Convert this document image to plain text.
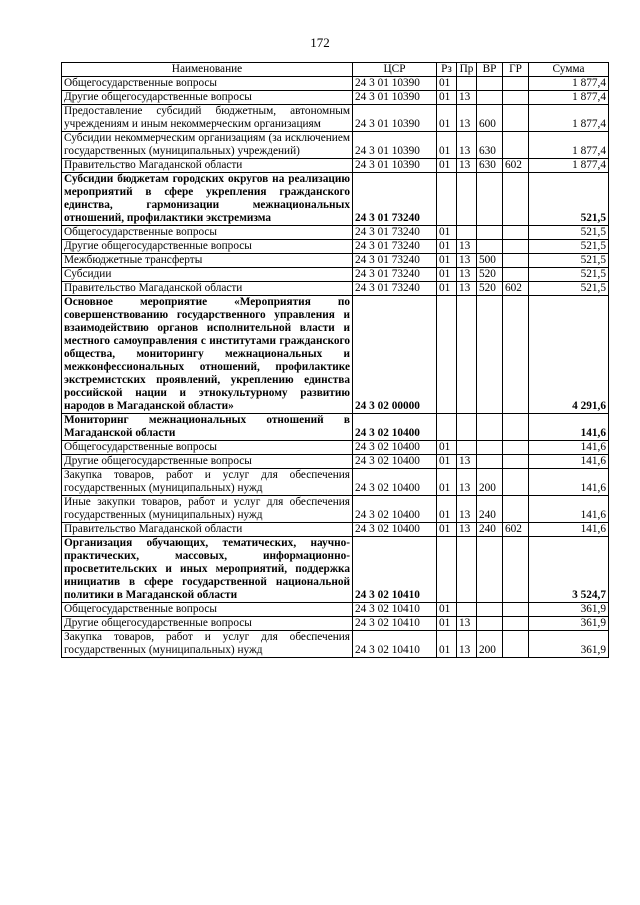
172
Наименование	ЦСР	Рз	Пр	ВР	ГР	Сумма
Общегосударственные вопросы	24 3 01 10390	01				1 877,4
Другие общегосударственные вопросы	24 3 01 10390	01	13			1 877,4
Предоставление субсидий бюджетным, автономным учреждениям и иным некоммерческим организациям	24 3 01 10390	01	13	600		1 877,4
Субсидии некоммерческим организациям (за исключением государственных (муниципальных) учреждений)	24 3 01 10390	01	13	630		1 877,4
Правительство Магаданской области	24 3 01 10390	01	13	630	602	1 877,4
Субсидии бюджетам городских округов на реализацию мероприятий в сфере укрепления гражданского единства, гармонизации межнациональных отношений, профилактики экстремизма	24 3 01 73240					521,5
Общегосударственные вопросы	24 3 01 73240	01				521,5
Другие общегосударственные вопросы	24 3 01 73240	01	13			521,5
Межбюджетные трансферты	24 3 01 73240	01	13	500		521,5
Субсидии	24 3 01 73240	01	13	520		521,5
Правительство Магаданской области	24 3 01 73240	01	13	520	602	521,5
Основное мероприятие «Мероприятия по совершенствованию государственного управления и взаимодействию органов исполнительной власти и местного самоуправления с институтами гражданского общества, мониторингу межнациональных и межконфессиональных отношений, профилактике экстремистских проявлений, укреплению единства российской нации и этнокультурному развитию народов в Магаданской области»	24 3 02 00000					4 291,6
Мониторинг межнациональных отношений в Магаданской области	24 3 02 10400					141,6
Общегосударственные вопросы	24 3 02 10400	01				141,6
Другие общегосударственные вопросы	24 3 02 10400	01	13			141,6
Закупка товаров, работ и услуг для обеспечения государственных (муниципальных) нужд	24 3 02 10400	01	13	200		141,6
Иные закупки товаров, работ и услуг для обеспечения государственных (муниципальных) нужд	24 3 02 10400	01	13	240		141,6
Правительство Магаданской области	24 3 02 10400	01	13	240	602	141,6
Организация обучающих, тематических, научно-практических, массовых, информационно-просветительских и иных мероприятий, поддержка инициатив в сфере государственной национальной политики в Магаданской области	24 3 02 10410					3 524,7
Общегосударственные вопросы	24 3 02 10410	01				361,9
Другие общегосударственные вопросы	24 3 02 10410	01	13			361,9
Закупка товаров, работ и услуг для обеспечения государственных (муниципальных) нужд	24 3 02 10410	01	13	200		361,9
